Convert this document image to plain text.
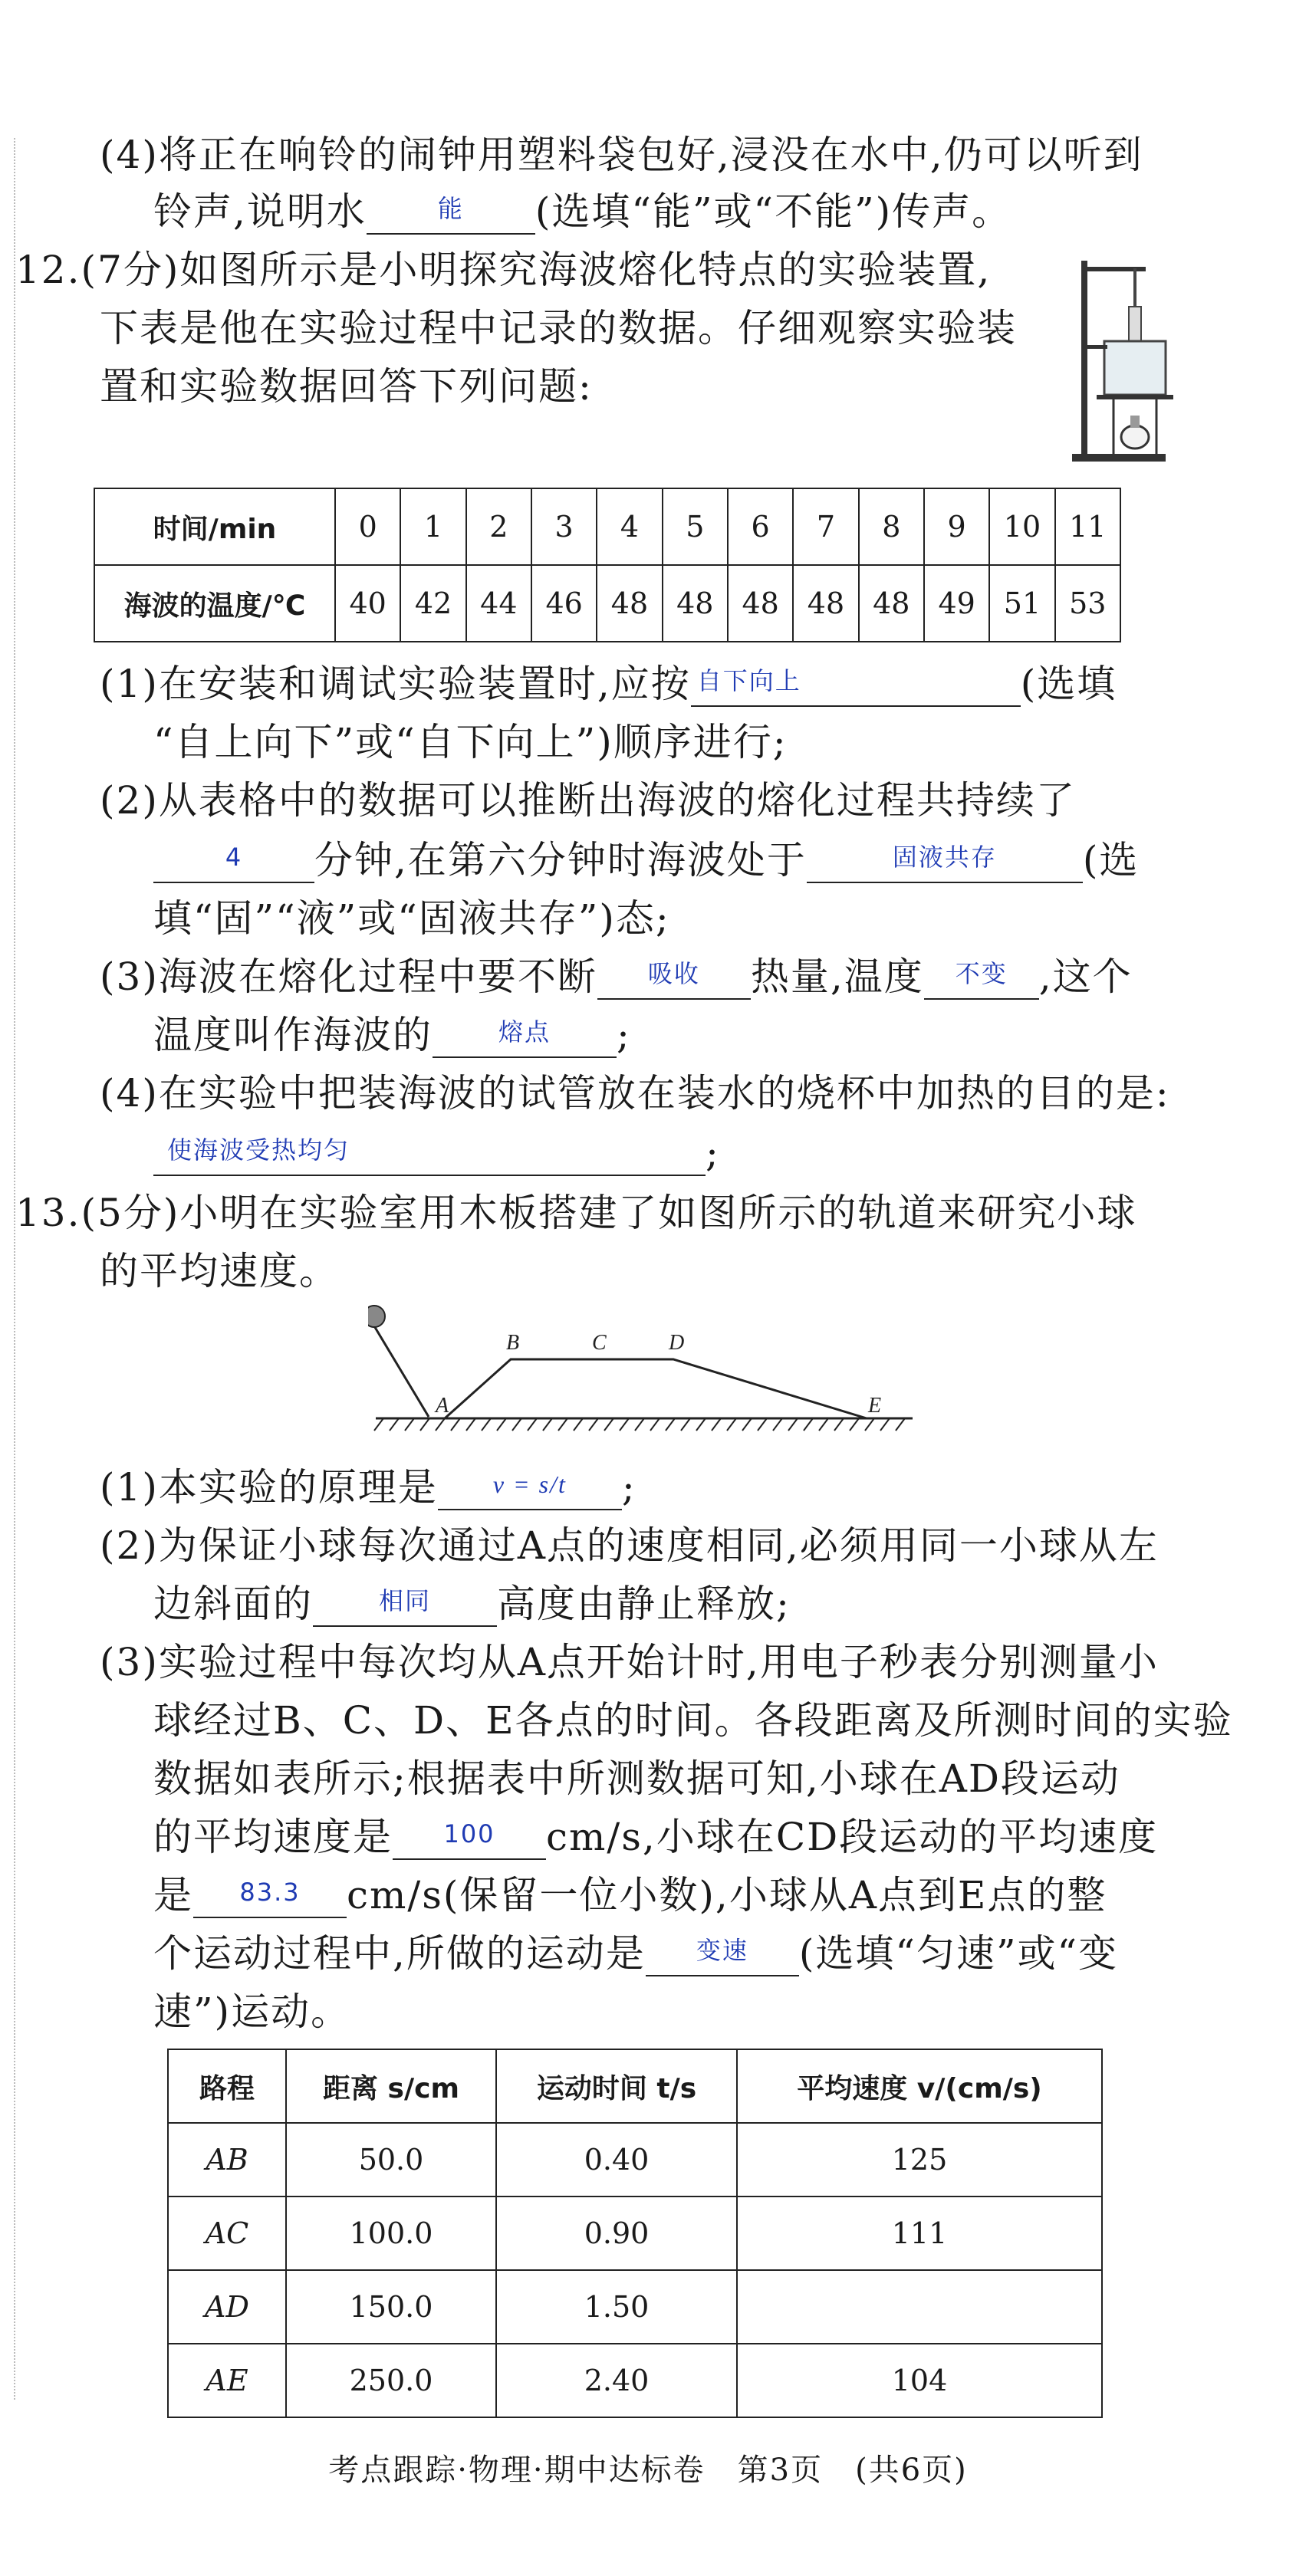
(4)将正在响铃的闹钟用塑料袋包好,浸没在水中,仍可以听到
铃声,说明水	能	(选填“能”或“不能”)传声。
12.(7分)如图所示是小明探究海波熔化特点的实验装置,
下表是他在实验过程中记录的数据。仔细观察实验装
置和实验数据回答下列问题:
时间/min	0	1	2	3	4	5	6	7	8	9	10	11
海波的温度/℃	40	42	44	46	48	48	48	48	48	49	51	53
(1)在安装和调试实验装置时,应按 自下向上	(选填
“自上向下”或“自下向上”)顺序进行;
(2)从表格中的数据可以推断出海波的熔化过程共持续了
4	分钟,在第六分钟时海波处于	固液共存	(选
填“固”“液”或“固液共存”)态;
(3)海波在熔化过程中要不断	吸收	热量,温度	不变 ,这个
温度叫作海波的	熔点	;
(4)在实验中把装海波的试管放在装水的烧杯中加热的目的是:
使海波受热均匀	;
13.(5分)小明在实验室用木板搭建了如图所示的轨道来研究小球
的平均速度。
A
B	C	D
E
(1)本实验的原理是	v = s/t	;
(2)为保证小球每次通过A点的速度相同,必须用同一小球从左
边斜面的	相同	高度由静止释放;
(3)实验过程中每次均从A点开始计时,用电子秒表分别测量小
球经过B、C、D、E各点的时间。各段距离及所测时间的实验
数据如表所示;根据表中所测数据可知,小球在AD段运动
的平均速度是	100	cm/s,小球在CD段运动的平均速度
是	83.3	cm/s(保留一位小数),小球从A点到E点的整
个运动过程中,所做的运动是	变速	(选填“匀速”或“变
速”)运动。
路程	距离 s/cm	运动时间 t/s	平均速度 v/(cm/s)
AB	50.0	0.40	125
AC	100.0	0.90	111
AD	150.0	1.50	
AE	250.0	2.40	104
考点跟踪·物理·期中达标卷　第3页　(共6页)
